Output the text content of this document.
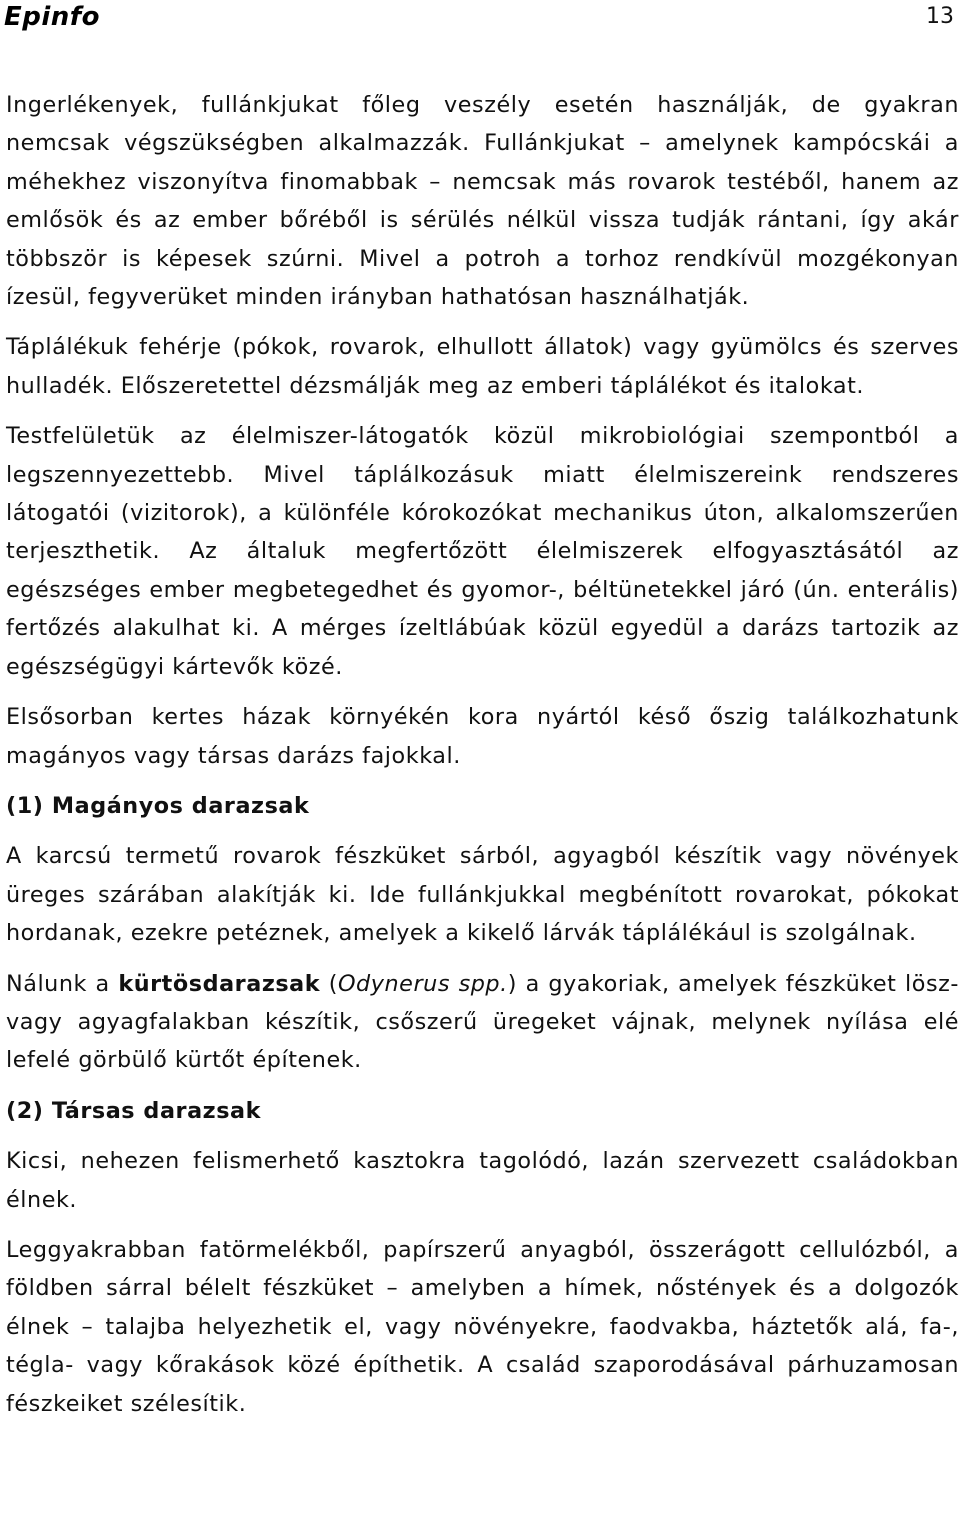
Epinfo	13

Ingerlékenyek, fullánkjukat főleg veszély esetén használják, de gyakran nemcsak végszükségben alkalmazzák. Fullánkjukat – amelynek kampócskái a méhekhez viszonyítva finomabbak – nemcsak más rovarok testéből, hanem az emlősök és az ember bőréből is sérülés nélkül vissza tudják rántani, így akár többször is képesek szúrni. Mivel a potroh a torhoz rendkívül mozgékonyan ízesül, fegyverüket minden irányban hathatósan használhatják.

Táplálékuk fehérje (pókok, rovarok, elhullott állatok) vagy gyümölcs és szerves hulladék. Előszeretettel dézsmálják meg az emberi táplálékot és italokat.

Testfelületük az élelmiszer-látogatók közül mikrobiológiai szempontból a legszennyezettebb. Mivel táplálkozásuk miatt élelmiszereink rendszeres látogatói (vizitorok), a különféle kórokozókat mechanikus úton, alkalomszerűen terjeszthetik. Az általuk megfertőzött élelmiszerek elfogyasztásától az egészséges ember megbetegedhet és gyomor-, béltünetekkel járó (ún. enterális) fertőzés alakulhat ki. A mérges ízeltlábúak közül egyedül a darázs tartozik az egészségügyi kártevők közé.

Elsősorban kertes házak környékén kora nyártól késő őszig találkozhatunk magányos vagy társas darázs fajokkal.

(1) Magányos darazsak

A karcsú termetű rovarok fészküket sárból, agyagból készítik vagy növények üreges szárában alakítják ki. Ide fullánkjukkal megbénított rovarokat, pókokat hordanak, ezekre petéznek, amelyek a kikelő lárvák táplálékául is szolgálnak.

Nálunk a kürtösdarazsak (Odynerus spp.) a gyakoriak, amelyek fészküket lösz- vagy agyagfalakban készítik, csőszerű üregeket vájnak, melynek nyílása elé lefelé görbülő kürtőt építenek.

(2) Társas darazsak

Kicsi, nehezen felismerhető kasztokra tagolódó, lazán szervezett családokban élnek.

Leggyakrabban fatörmelékből, papírszerű anyagból, összerágott cellulózból, a földben sárral bélelt fészküket – amelyben a hímek, nőstények és a dolgozók élnek – talajba helyezhetik el, vagy növényekre, faodvakba, háztetők alá, fa-, tégla- vagy kőrakások közé építhetik. A család szaporodásával párhuzamosan fészkeiket szélesítik.
